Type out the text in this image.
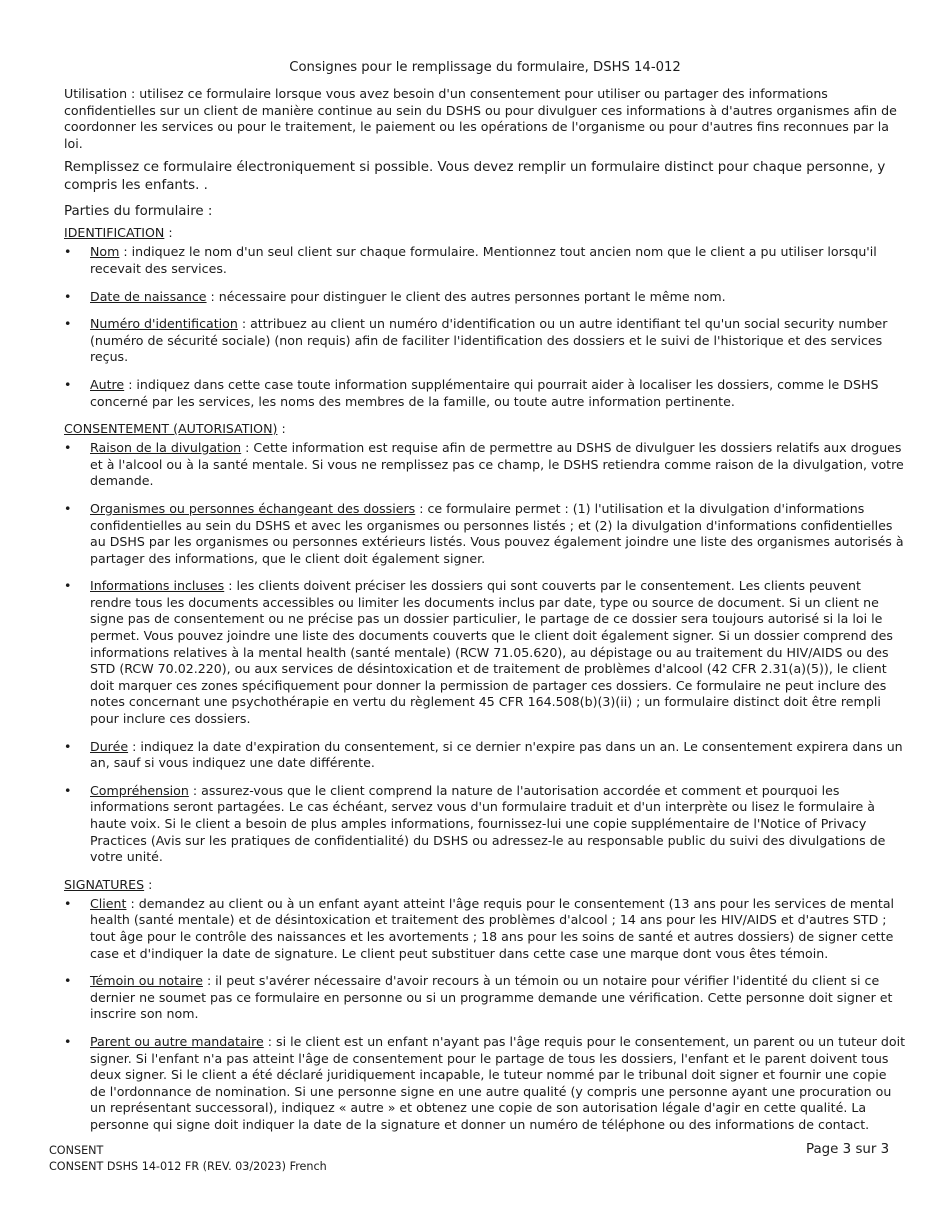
Consignes pour le remplissage du formulaire, DSHS 14-012

Utilisation : utilisez ce formulaire lorsque vous avez besoin d'un consentement pour utiliser ou partager des informations confidentielles sur un client de manière continue au sein du DSHS ou pour divulguer ces informations à d'autres organismes afin de coordonner les services ou pour le traitement, le paiement ou les opérations de l'organisme ou pour d'autres fins reconnues par la loi.

Remplissez ce formulaire électroniquement si possible. Vous devez remplir un formulaire distinct pour chaque personne, y compris les enfants. .

Parties du formulaire :
IDENTIFICATION :
• Nom : indiquez le nom d'un seul client sur chaque formulaire. Mentionnez tout ancien nom que le client a pu utiliser lorsqu'il recevait des services.
• Date de naissance : nécessaire pour distinguer le client des autres personnes portant le même nom.
• Numéro d'identification : attribuez au client un numéro d'identification ou un autre identifiant tel qu'un social security number (numéro de sécurité sociale) (non requis) afin de faciliter l'identification des dossiers et le suivi de l'historique et des services reçus.
• Autre : indiquez dans cette case toute information supplémentaire qui pourrait aider à localiser les dossiers, comme le DSHS concerné par les services, les noms des membres de la famille, ou toute autre information pertinente.
CONSENTEMENT (AUTORISATION) :
• Raison de la divulgation : Cette information est requise afin de permettre au DSHS de divulguer les dossiers relatifs aux drogues et à l'alcool ou à la santé mentale. Si vous ne remplissez pas ce champ, le DSHS retiendra comme raison de la divulgation, votre demande.
• Organismes ou personnes échangeant des dossiers : ce formulaire permet : (1) l'utilisation et la divulgation d'informations confidentielles au sein du DSHS et avec les organismes ou personnes listés ; et (2) la divulgation d'informations confidentielles au DSHS par les organismes ou personnes extérieurs listés. Vous pouvez également joindre une liste des organismes autorisés à partager des informations, que le client doit également signer.
• Informations incluses : les clients doivent préciser les dossiers qui sont couverts par le consentement. Les clients peuvent rendre tous les documents accessibles ou limiter les documents inclus par date, type ou source de document. Si un client ne signe pas de consentement ou ne précise pas un dossier particulier, le partage de ce dossier sera toujours autorisé si la loi le permet. Vous pouvez joindre une liste des documents couverts que le client doit également signer. Si un dossier comprend des informations relatives à la mental health (santé mentale) (RCW 71.05.620), au dépistage ou au traitement du HIV/AIDS ou des STD (RCW 70.02.220), ou aux services de désintoxication et de traitement de problèmes d'alcool (42 CFR 2.31(a)(5)), le client doit marquer ces zones spécifiquement pour donner la permission de partager ces dossiers. Ce formulaire ne peut inclure des notes concernant une psychothérapie en vertu du règlement 45 CFR 164.508(b)(3)(ii) ; un formulaire distinct doit être rempli pour inclure ces dossiers.
• Durée : indiquez la date d'expiration du consentement, si ce dernier n'expire pas dans un an. Le consentement expirera dans un an, sauf si vous indiquez une date différente.
• Compréhension : assurez-vous que le client comprend la nature de l'autorisation accordée et comment et pourquoi les informations seront partagées. Le cas échéant, servez vous d'un formulaire traduit et d'un interprète ou lisez le formulaire à haute voix. Si le client a besoin de plus amples informations, fournissez-lui une copie supplémentaire de l'Notice of Privacy Practices (Avis sur les pratiques de confidentialité) du DSHS ou adressez-le au responsable public du suivi des divulgations de votre unité.
SIGNATURES :
• Client : demandez au client ou à un enfant ayant atteint l'âge requis pour le consentement (13 ans pour les services de mental health (santé mentale) et de désintoxication et traitement des problèmes d'alcool ; 14 ans pour les HIV/AIDS et d'autres STD ; tout âge pour le contrôle des naissances et les avortements ; 18 ans pour les soins de santé et autres dossiers) de signer cette case et d'indiquer la date de signature. Le client peut substituer dans cette case une marque dont vous êtes témoin.
• Témoin ou notaire : il peut s'avérer nécessaire d'avoir recours à un témoin ou un notaire pour vérifier l'identité du client si ce dernier ne soumet pas ce formulaire en personne ou si un programme demande une vérification. Cette personne doit signer et inscrire son nom.
• Parent ou autre mandataire : si le client est un enfant n'ayant pas l'âge requis pour le consentement, un parent ou un tuteur doit signer. Si l'enfant n'a pas atteint l'âge de consentement pour le partage de tous les dossiers, l'enfant et le parent doivent tous deux signer. Si le client a été déclaré juridiquement incapable, le tuteur nommé par le tribunal doit signer et fournir une copie de l'ordonnance de nomination. Si une personne signe en une autre qualité (y compris une personne ayant une procuration ou un représentant successoral), indiquez « autre » et obtenez une copie de son autorisation légale d'agir en cette qualité. La personne qui signe doit indiquer la date de la signature et donner un numéro de téléphone ou des informations de contact.
CONSENT
CONSENT DSHS 14-012 FR (REV. 03/2023) French
Page 3 sur 3
